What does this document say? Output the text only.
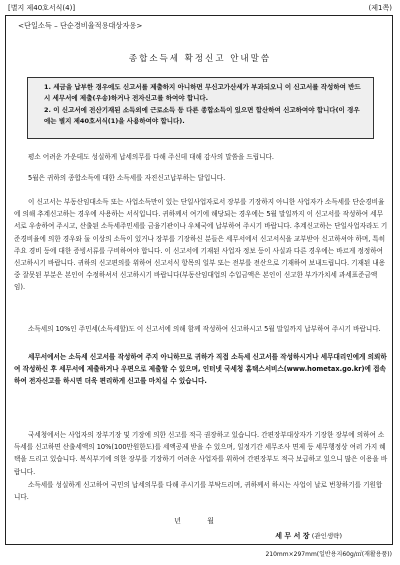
[별지 제40호서식(4)]	(제1쪽)
<단일소득 – 단순경비율적용대상자용>
종합소득세 확정신고 안내말씀
1. 세금을 납부한 경우에도 신고서를 제출하지 아니하면 무신고가산세가 부과되오니 이 신고서를 작성하여 반드시 세무서에 제출(우송)하거나 전자신고를 하여야 합니다.
2. 이 신고서에 전산기재된 소득외에 근로소득 등 다른 종합소득이 있으면 합산하여 신고하여야 합니다(이 경우에는 별지 제40호서식(1)을 사용하여야 합니다).
평소 어려운 가운데도 성실하게 납세의무를 다해 주신데 대해 감사의 말씀을 드립니다.
5월은 귀하의 종합소득에 대한 소득세를 자진신고납부하는 달입니다.
이 신고서는 부동산임대소득 또는 사업소득만이 있는 단일사업자로서 장부를 기장하지 아니한 사업자가 소득세를 단순경비율에 의해 추계신고하는 경우에 사용하는 서식입니다. 귀하께서 여기에 해당되는 경우에는 5월 말일까지 이 신고서를 작성하여 세무서로 우송하여 주시고, 산출된 소득세주민세를 금융기관이나 우체국에 납부하여 주시기 바랍니다. 추계신고하는 단일사업자라도 기준경비율에 의한 경우와 둘 이상의 소득이 있거나 장부를 기장하신 분들은 세무서에서 신고서식을 교부받아 신고하셔야 하며, 특히 주요 경비 등에 대한 증빙서류를 구비하여야 합니다. 이 신고서에 기재된 사업자 정보 등이 사실과 다른 경우에는 바르게 정정하여 신고하시기 바랍니다. 귀하의 신고편의를 위하여 신고서식 항목의 일부 또는 전부를 전산으로 기재하여 보내드립니다. 기재된 내용 중 잘못된 부분은 본인이 수정하셔서 신고하시기 바랍니다(부동산임대업의 수입금액은 본인이 신고한 부가가치세 과세표준금액임).
소득세의 10%인 주민세(소득세할)도 이 신고서에 의해 함께 작성하여 신고하시고 5월 말일까지 납부하여 주시기 바랍니다.
세무서에서는 소득세 신고서를 작성하여 주지 아니하므로 귀하가 직접 소득세 신고서를 작성하시거나 세무대리인에게 의뢰하여 작성하신 후 세무서에 제출하거나 우편으로 제출할 수 있으며, 인터넷 국세청 홈택스서비스(www.hometax.go.kr)에 접속하여 전자신고를 하시면 더욱 편리하게 신고를 마치실 수 있습니다.
국세청에서는 사업자의 장부기장 및 기장에 의한 신고를 적극 권장하고 있습니다. 간편장부대상자가 기장한 장부에 의하여 소득세를 신고하면 산출세액의 10%(100만원한도)를 세액공제 받을 수 있으며, 일정기간 세무조사 면제 등 세무행정상 여러 가지 혜택을 드리고 있습니다. 복식부기에 의한 장부를 기장하기 어려운 사업자를 위하여 간편장부도 적극 보급하고 있으니 많은 이용을 바랍니다.
소득세를 성실하게 신고하여 국민의 납세의무를 다해 주시기를 부탁드리며, 귀하께서 하시는 사업이 날로 번창하기를 기원합니다.
년 월
세 무 서 장 (관인생략)
210mm×297mm(일반용지60g/㎡(재활용품))
